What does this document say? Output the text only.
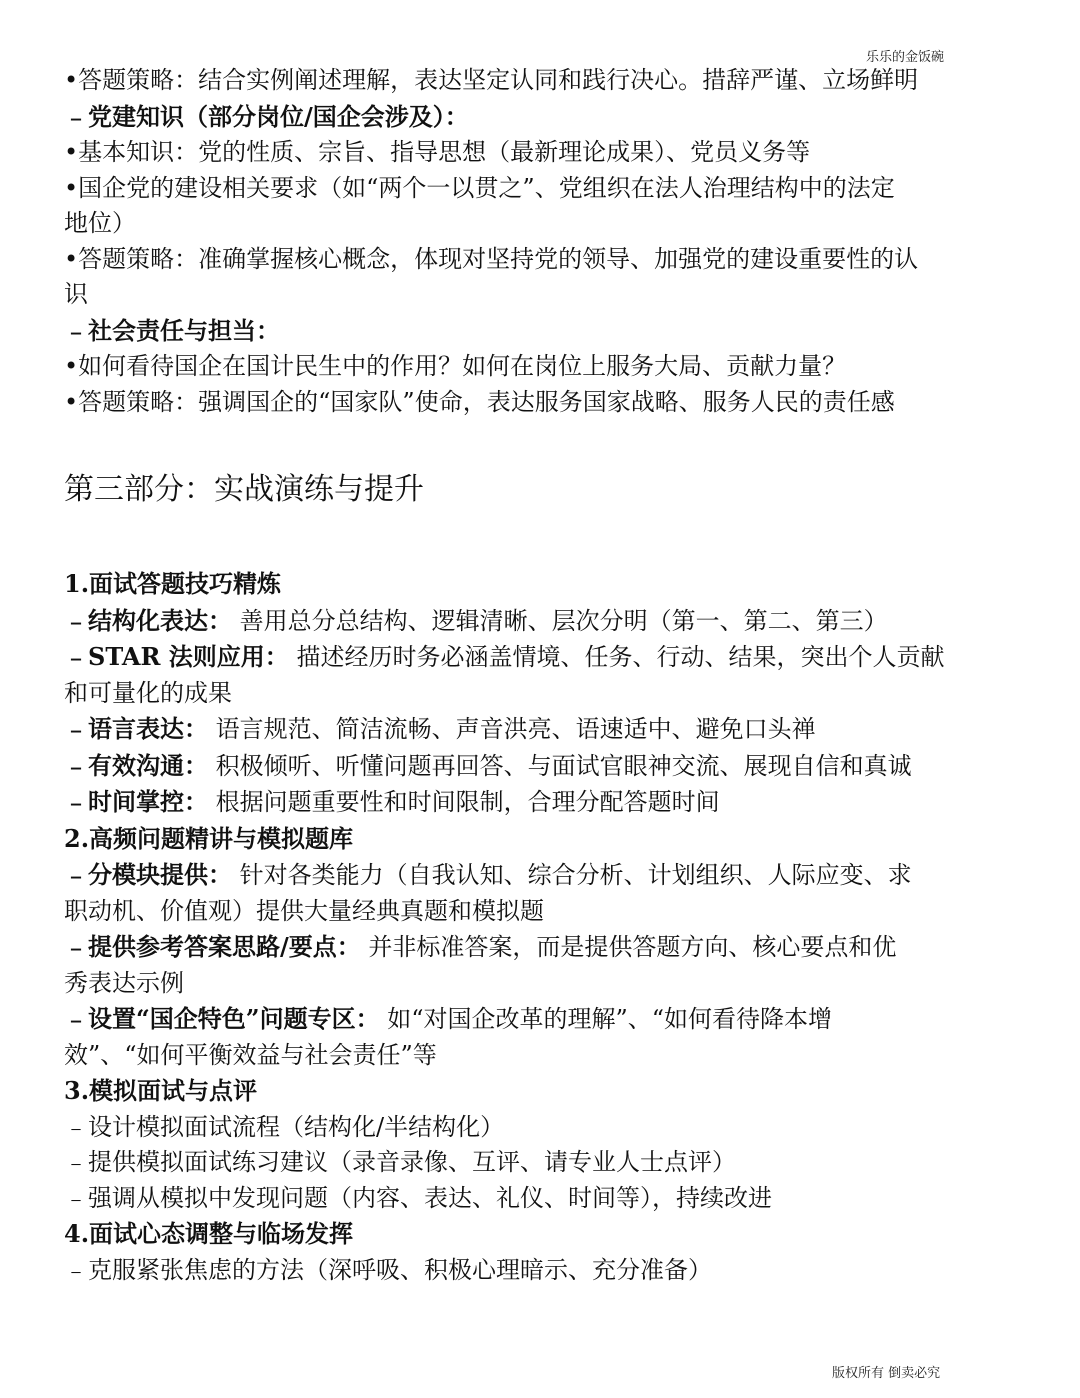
乐乐的金饭碗
•答题策略：结合实例阐述理解，表达坚定认同和践行决心。措辞严谨、立场鲜明
﹣党建知识（部分岗位/国企会涉及）：
•基本知识：党的性质、宗旨、指导思想（最新理论成果）、党员义务等
•国企党的建设相关要求（如“两个一以贯之”、党组织在法人治理结构中的法定
地位）
•答题策略：准确掌握核心概念，体现对坚持党的领导、加强党的建设重要性的认
识
﹣社会责任与担当：
•如何看待国企在国计民生中的作用？如何在岗位上服务大局、贡献力量？
•答题策略：强调国企的“国家队”使命，表达服务国家战略、服务人民的责任感
第三部分：实战演练与提升
1.面试答题技巧精炼
﹣结构化表达： 善用总分总结构、逻辑清晰、层次分明（第一、第二、第三）
﹣STAR 法则应用： 描述经历时务必涵盖情境、任务、行动、结果，突出个人贡献
和可量化的成果
﹣语言表达： 语言规范、简洁流畅、声音洪亮、语速适中、避免口头禅
﹣有效沟通： 积极倾听、听懂问题再回答、与面试官眼神交流、展现自信和真诚
﹣时间掌控： 根据问题重要性和时间限制，合理分配答题时间
2.高频问题精讲与模拟题库
﹣分模块提供： 针对各类能力（自我认知、综合分析、计划组织、人际应变、求
职动机、价值观）提供大量经典真题和模拟题
﹣提供参考答案思路/要点： 并非标准答案，而是提供答题方向、核心要点和优
秀表达示例
﹣设置“国企特色”问题专区： 如“对国企改革的理解”、“如何看待降本增
效”、“如何平衡效益与社会责任”等
3.模拟面试与点评
﹣设计模拟面试流程（结构化/半结构化）
﹣提供模拟面试练习建议（录音录像、互评、请专业人士点评）
﹣强调从模拟中发现问题（内容、表达、礼仪、时间等），持续改进
4.面试心态调整与临场发挥
﹣克服紧张焦虑的方法（深呼吸、积极心理暗示、充分准备）
版权所有 倒卖必究
